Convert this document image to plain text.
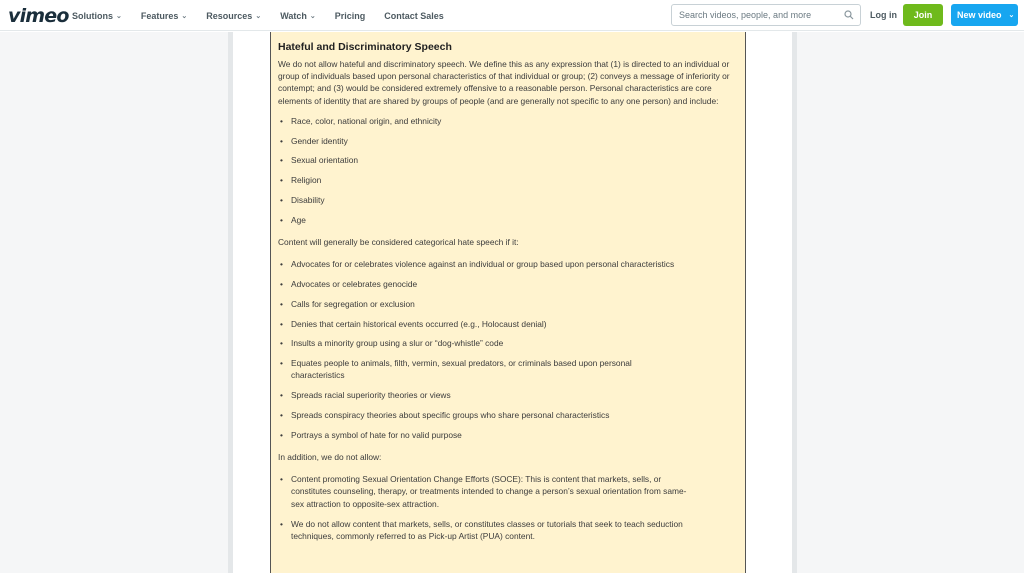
vimeo Solutions ⌄ Features ⌄ Resources ⌄ Watch ⌄ Pricing Contact Sales
Search videos, people, and more	Log in	Join	New video ⌄
Hateful and Discriminatory Speech

We do not allow hateful and discriminatory speech. We define this as any expression that (1) is directed to an individual or group of individuals based upon personal characteristics of that individual or group; (2) conveys a message of inferiority or contempt; and (3) would be considered extremely offensive to a reasonable person. Personal characteristics are core elements of identity that are shared by groups of people (and are generally not specific to any one person) and include:

• Race, color, national origin, and ethnicity
• Gender identity
• Sexual orientation
• Religion
• Disability
• Age

Content will generally be considered categorical hate speech if it:

• Advocates for or celebrates violence against an individual or group based upon personal characteristics
• Advocates or celebrates genocide
• Calls for segregation or exclusion
• Denies that certain historical events occurred (e.g., Holocaust denial)
• Insults a minority group using a slur or “dog-whistle” code
• Equates people to animals, filth, vermin, sexual predators, or criminals based upon personal characteristics
• Spreads racial superiority theories or views
• Spreads conspiracy theories about specific groups who share personal characteristics
• Portrays a symbol of hate for no valid purpose

In addition, we do not allow:

• Content promoting Sexual Orientation Change Efforts (SOCE): This is content that markets, sells, or constitutes counseling, therapy, or treatments intended to change a person’s sexual orientation from same-sex attraction to opposite-sex attraction.
• We do not allow content that markets, sells, or constitutes classes or tutorials that seek to teach seduction techniques, commonly referred to as Pick-up Artist (PUA) content.
